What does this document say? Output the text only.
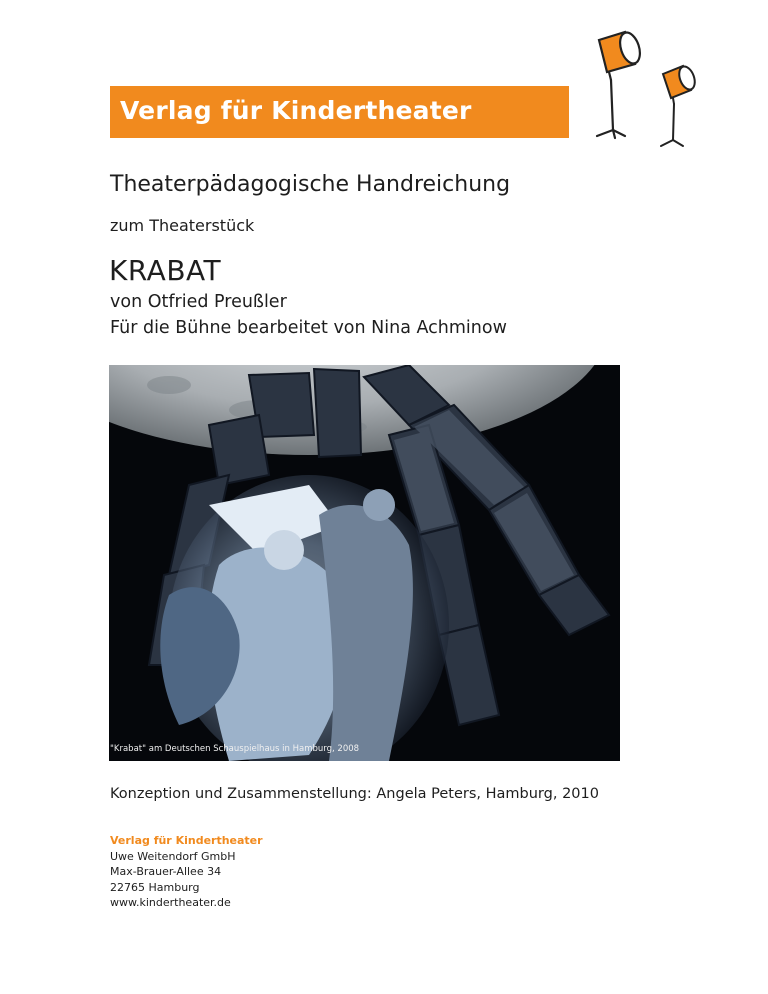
Verlag für Kindertheater
Theaterpädagogische Handreichung
zum Theaterstück
KRABAT
von Otfried Preußler
Für die Bühne bearbeitet von Nina Achminow
"Krabat" am Deutschen Schauspielhaus in Hamburg, 2008
Konzeption und Zusammenstellung: Angela Peters, Hamburg, 2010
Verlag für Kindertheater
Uwe Weitendorf GmbH
Max-Brauer-Allee 34
22765 Hamburg
www.kindertheater.de
